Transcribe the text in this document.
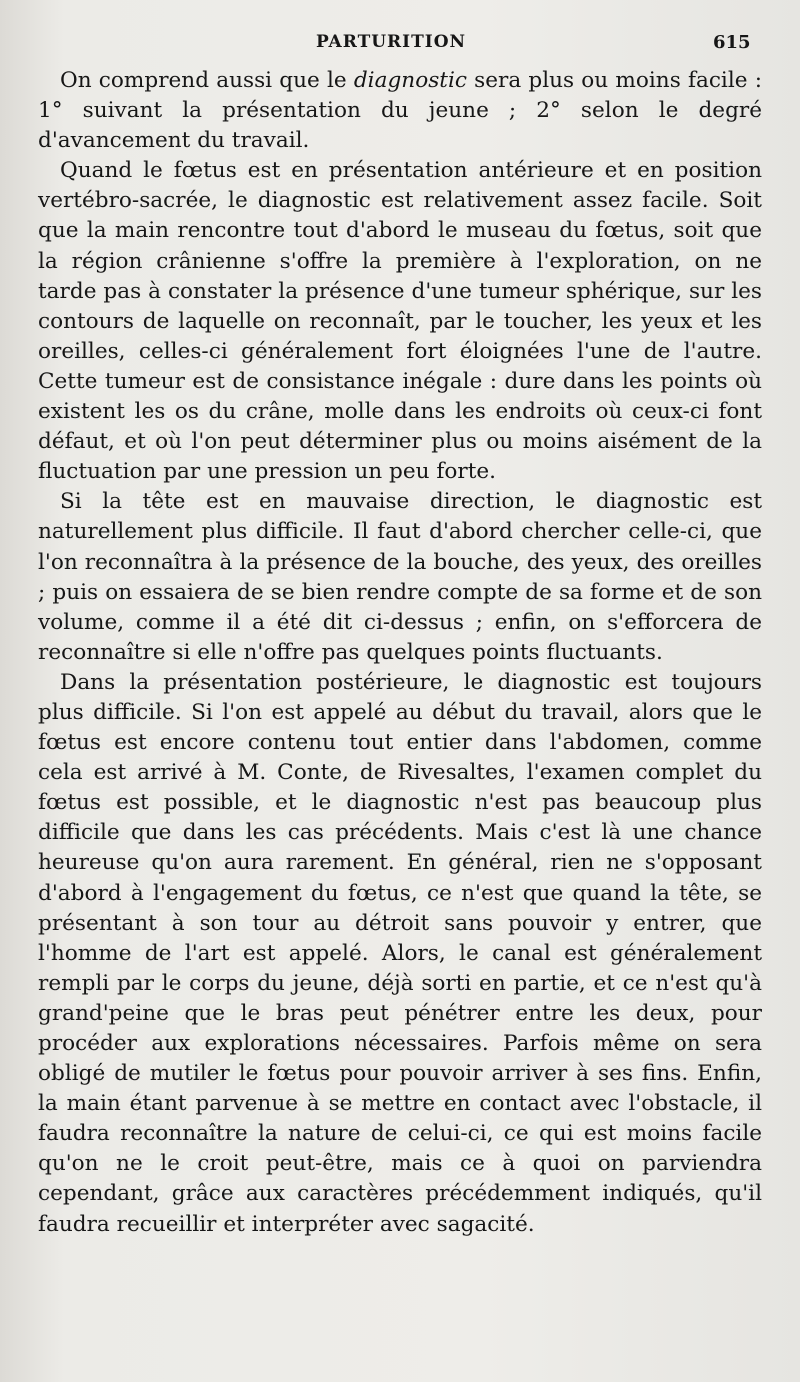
PARTURITION	615

On comprend aussi que le diagnostic sera plus ou moins facile : 1° suivant la présentation du jeune ; 2° selon le degré d'avancement du travail.

Quand le fœtus est en présentation antérieure et en position vertébro-sacrée, le diagnostic est relativement assez facile. Soit que la main rencontre tout d'abord le museau du fœtus, soit que la région crânienne s'offre la première à l'exploration, on ne tarde pas à constater la présence d'une tumeur sphérique, sur les contours de laquelle on reconnaît, par le toucher, les yeux et les oreilles, celles-ci généralement fort éloignées l'une de l'autre. Cette tumeur est de consistance inégale : dure dans les points où existent les os du crâne, molle dans les endroits où ceux-ci font défaut, et où l'on peut déterminer plus ou moins aisément de la fluctuation par une pression un peu forte.

Si la tête est en mauvaise direction, le diagnostic est naturellement plus difficile. Il faut d'abord chercher celle-ci, que l'on reconnaîtra à la présence de la bouche, des yeux, des oreilles ; puis on essaiera de se bien rendre compte de sa forme et de son volume, comme il a été dit ci-dessus ; enfin, on s'efforcera de reconnaître si elle n'offre pas quelques points fluctuants.

Dans la présentation postérieure, le diagnostic est toujours plus difficile. Si l'on est appelé au début du travail, alors que le fœtus est encore contenu tout entier dans l'abdomen, comme cela est arrivé à M. Conte, de Rivesaltes, l'examen complet du fœtus est possible, et le diagnostic n'est pas beaucoup plus difficile que dans les cas précédents. Mais c'est là une chance heureuse qu'on aura rarement. En général, rien ne s'opposant d'abord à l'engagement du fœtus, ce n'est que quand la tête, se présentant à son tour au détroit sans pouvoir y entrer, que l'homme de l'art est appelé. Alors, le canal est généralement rempli par le corps du jeune, déjà sorti en partie, et ce n'est qu'à grand'peine que le bras peut pénétrer entre les deux, pour procéder aux explorations nécessaires. Parfois même on sera obligé de mutiler le fœtus pour pouvoir arriver à ses fins. Enfin, la main étant parvenue à se mettre en contact avec l'obstacle, il faudra reconnaître la nature de celui-ci, ce qui est moins facile qu'on ne le croit peut-être, mais ce à quoi on parviendra cependant, grâce aux caractères précédemment indiqués, qu'il faudra recueillir et interpréter avec sagacité.
